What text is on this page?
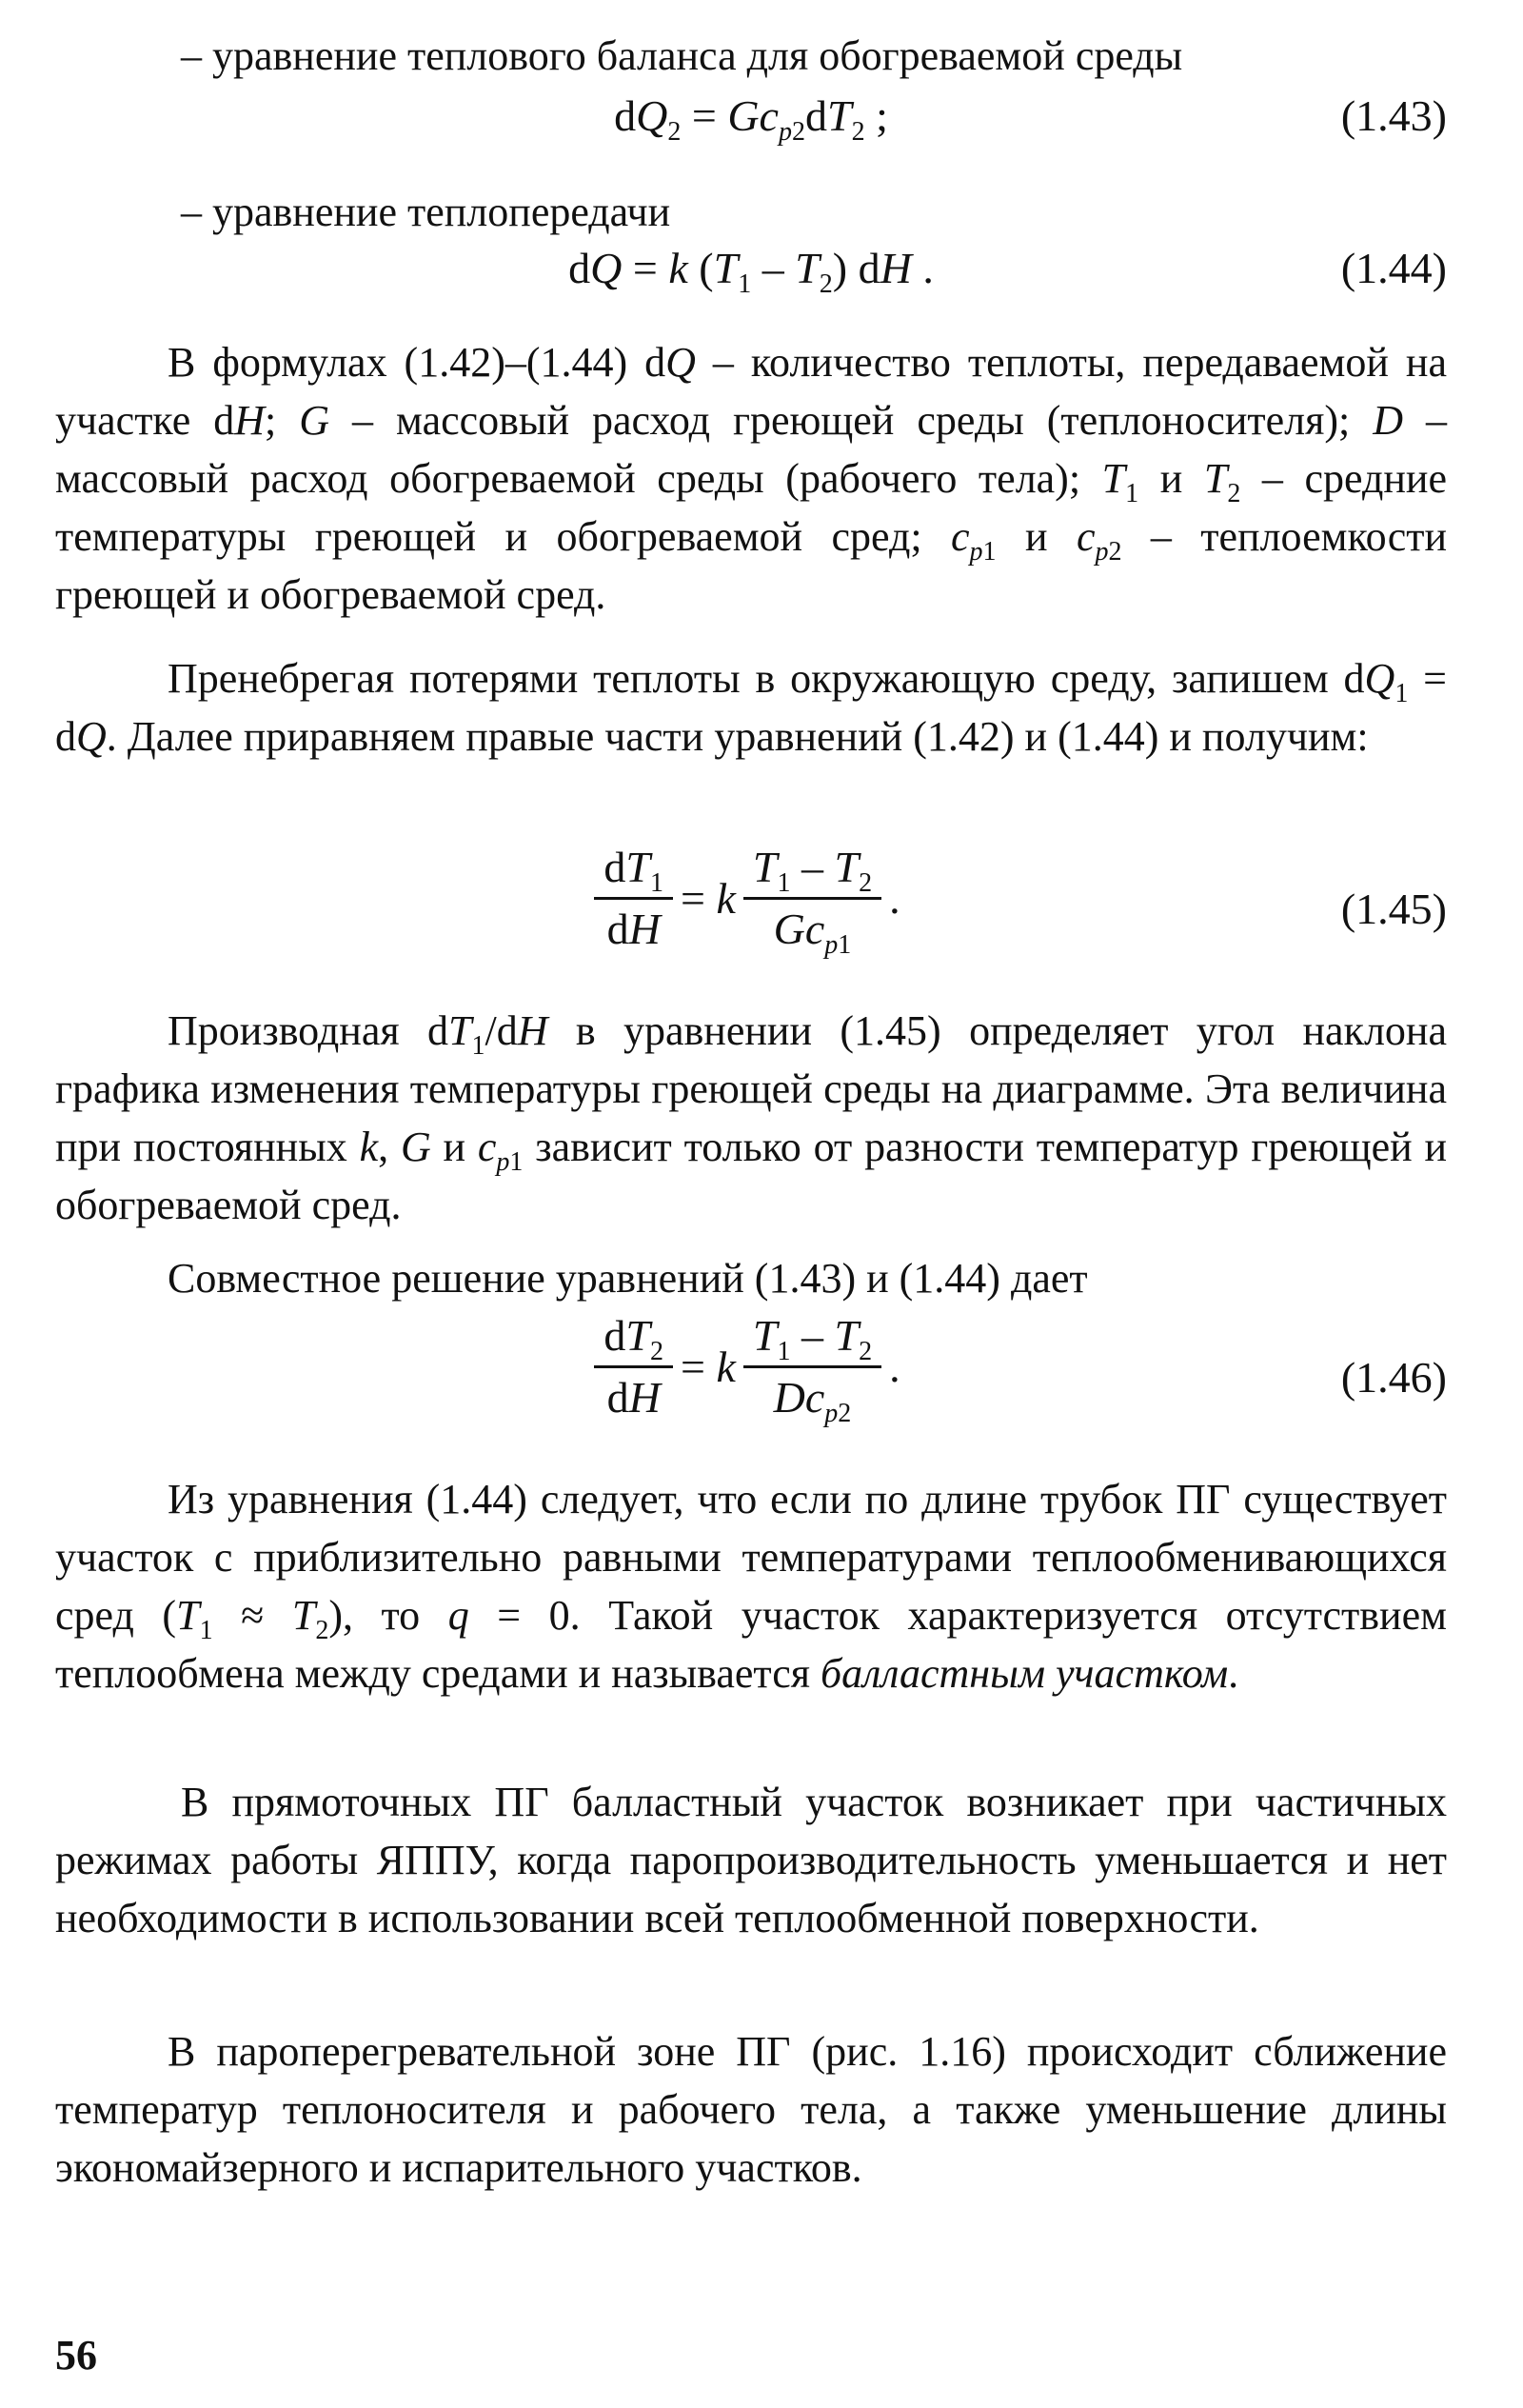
– уравнение теплового баланса для обогреваемой среды

$dQ_2 = Gc_{p2}dT_2$ ;	(1.43)

– уравнение теплопередачи

dQ = k $(T_1 - T_2)$ dH .	(1.44)

В формулах (1.42)–(1.44) dQ – количество теплоты, передаваемой на участке dH; G – массовый расход греющей среды (теплоносителя); D – массовый расход обогреваемой среды (рабочего тела); $T_1$ и $T_2$ – средние температуры греющей и обогреваемой сред; $c_{p1}$ и $c_{p2}$ – теплоемкости греющей и обогреваемой сред.

Пренебрегая потерями теплоты в окружающую среду, запишем $dQ_1$ = dQ. Далее приравняем правые части уравнений (1.42) и (1.44) и получим:

$\frac{dT_1}{dH} = k \frac{T_1 - T_2}{Gc_{p1}}$ .	(1.45)

Производная $dT_1/dH$ в уравнении (1.45) определяет угол наклона графика изменения температуры греющей среды на диаграмме. Эта величина при постоянных k, G и $c_{p1}$ зависит только от разности температур греющей и обогреваемой сред.

Совместное решение уравнений (1.43) и (1.44) дает

$\frac{dT_2}{dH} = k \frac{T_1 - T_2}{Dc_{p2}}$ .	(1.46)

Из уравнения (1.44) следует, что если по длине трубок ПГ существует участок с приблизительно равными температурами теплообменивающихся сред $(T_1 \approx T_2)$, то q = 0. Такой участок характеризуется отсутствием теплообмена между средами и называется балластным участком.

В прямоточных ПГ балластный участок возникает при частичных режимах работы ЯППУ, когда паропроизводительность уменьшается и нет необходимости в использовании всей теплообменной поверхности.

В пароперегревательной зоне ПГ (рис. 1.16) происходит сближение температур теплоносителя и рабочего тела, а также уменьшение длины экономайзерного и испарительного участков.

56
